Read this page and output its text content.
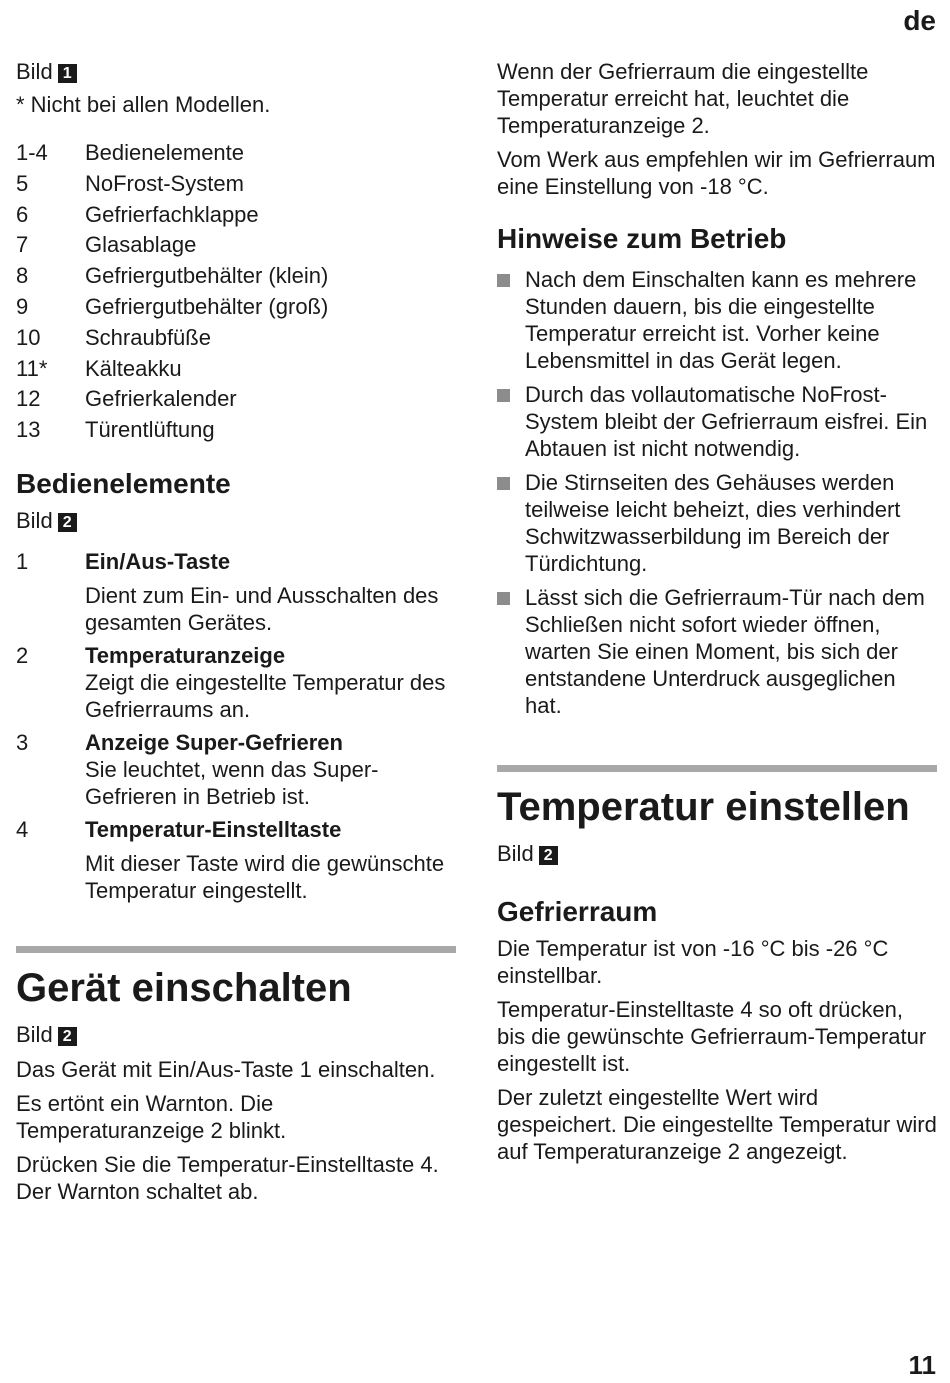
de

Bild 1

* Nicht bei allen Modellen.

1-4	Bedienelemente
5	NoFrost-System
6	Gefrierfachklappe
7	Glasablage
8	Gefriergutbehälter (klein)
9	Gefriergutbehälter (groß)
10	Schraubfüße
11*	Kälteakku
12	Gefrierkalender
13	Türentlüftung
Bedienelemente

Bild 2

1	Ein/Aus-Taste
Dient zum Ein- und Ausschalten des gesamten Gerätes.
2	Temperaturanzeige
Zeigt die eingestellte Temperatur des Gefrierraums an.
3	Anzeige Super-Gefrieren
Sie leuchtet, wenn das Super-Gefrieren in Betrieb ist.
4	Temperatur-Einstelltaste
Mit dieser Taste wird die gewünschte Temperatur eingestellt.
Gerät einschalten

Bild 2

Das Gerät mit Ein/Aus-Taste 1 einschalten.

Es ertönt ein Warnton. Die Temperaturanzeige 2 blinkt.

Drücken Sie die Temperatur-Einstelltaste 4. Der Warnton schaltet ab.

Wenn der Gefrierraum die eingestellte Temperatur erreicht hat, leuchtet die Temperaturanzeige 2.

Vom Werk aus empfehlen wir im Gefrierraum eine Einstellung von -18 °C.

Hinweise zum Betrieb
Nach dem Einschalten kann es mehrere Stunden dauern, bis die eingestellte Temperatur erreicht ist. Vorher keine Lebensmittel in das Gerät legen.
Durch das vollautomatische NoFrost-System bleibt der Gefrierraum eisfrei. Ein Abtauen ist nicht notwendig.
Die Stirnseiten des Gehäuses werden teilweise leicht beheizt, dies verhindert Schwitzwasserbildung im Bereich der Türdichtung.
Lässt sich die Gefrierraum-Tür nach dem Schließen nicht sofort wieder öffnen, warten Sie einen Moment, bis sich der entstandene Unterdruck ausgeglichen hat.
Temperatur einstellen

Bild 2

Gefrierraum

Die Temperatur ist von -16 °C bis -26 °C einstellbar.

Temperatur-Einstelltaste 4 so oft drücken, bis die gewünschte Gefrierraum-Temperatur eingestellt ist.

Der zuletzt eingestellte Wert wird gespeichert. Die eingestellte Temperatur wird auf Temperaturanzeige 2 angezeigt.

11
